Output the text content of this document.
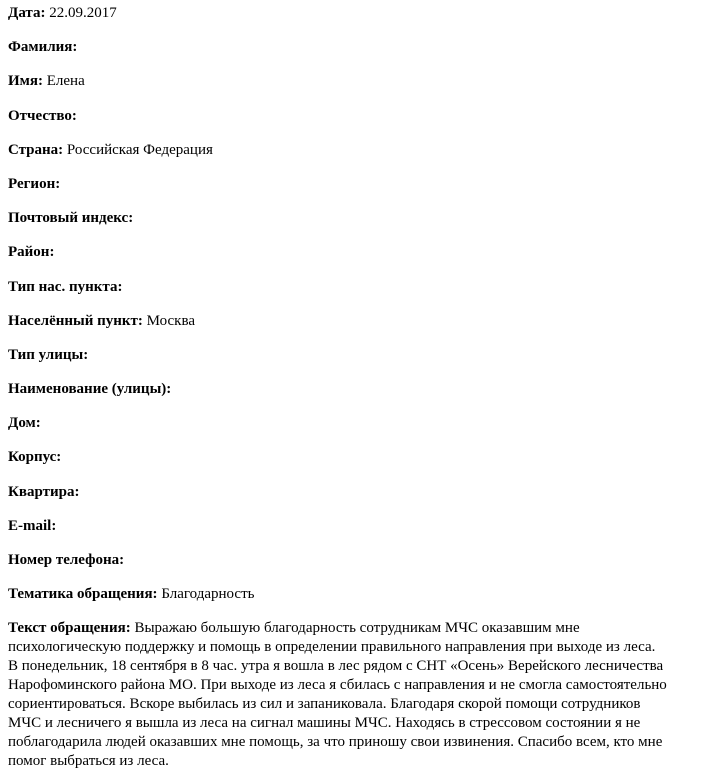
Дата: 22.09.2017
Фамилия:
Имя: Елена
Отчество:
Страна: Российская Федерация
Регион:
Почтовый индекс:
Район:
Тип нас. пункта:
Населённый пункт: Москва
Тип улицы:
Наименование (улицы):
Дом:
Корпус:
Квартира:
E-mail:
Номер телефона:
Тематика обращения: Благодарность
Текст обращения: Выражаю большую благодарность сотрудникам МЧС оказавшим мне
психологическую поддержку и помощь в определении правильного направления при выходе из леса.
В понедельник, 18 сентября в 8 час. утра я вошла в лес рядом с СНТ «Осень» Верейского лесничества
Нарофоминского района МО. При выходе из леса я сбилась с направления и не смогла самостоятельно
сориентироваться. Вскоре выбилась из сил и запаниковала. Благодаря скорой помощи сотрудников
МЧС и лесничего я вышла из леса на сигнал машины МЧС. Находясь в стрессовом состоянии я не
поблагодарила людей оказавших мне помощь, за что приношу свои извинения. Спасибо всем, кто мне
помог выбраться из леса.
